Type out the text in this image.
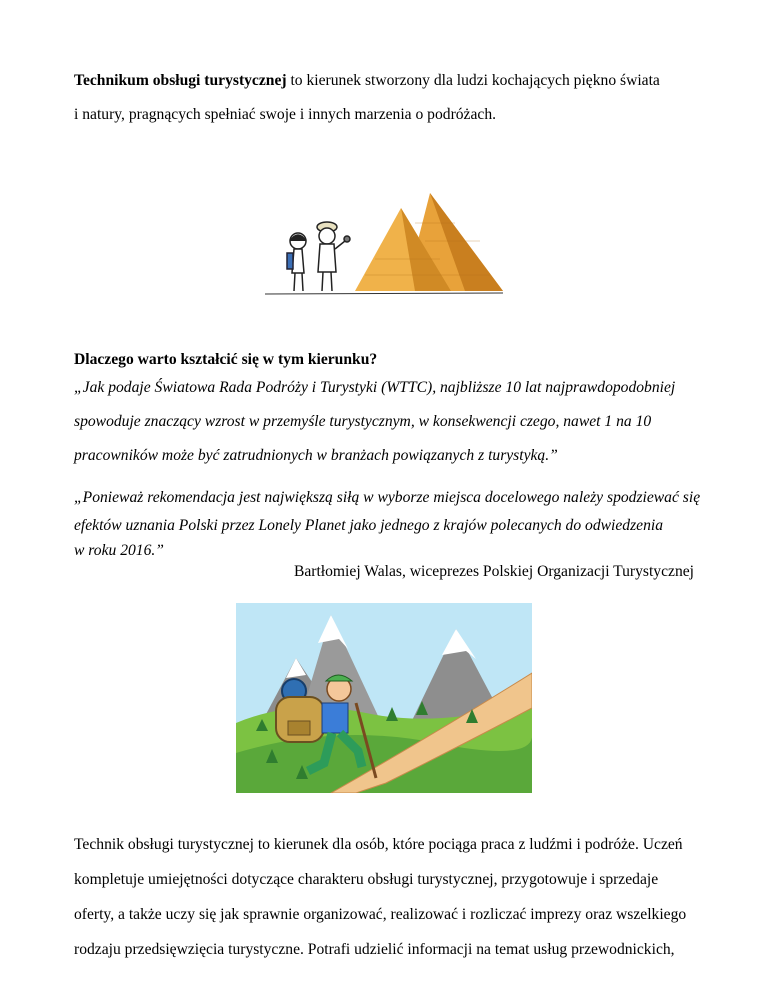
Technikum obsługi turystycznej to kierunek stworzony dla ludzi kochających piękno świata

i natury, pragnących spełniać swoje i innych marzenia o podróżach.

Dlaczego warto kształcić się w tym kierunku?

„Jak podaje Światowa Rada Podróży i Turystyki (WTTC), najbliższe 10 lat najprawdopodobniej

spowoduje znaczący wzrost w przemyśle turystycznym, w konsekwencji czego, nawet 1 na 10

pracowników może być zatrudnionych w branżach powiązanych z turystyką.”

„Ponieważ rekomendacja jest największą siłą w wyborze miejsca docelowego należy spodziewać się

efektów uznania Polski przez Lonely Planet jako jednego z krajów polecanych do odwiedzenia

w roku 2016.”

Bartłomiej Walas, wiceprezes Polskiej Organizacji Turystycznej

Technik obsługi turystycznej to kierunek dla osób, które pociąga praca z ludźmi i podróże. Uczeń

kompletuje umiejętności dotyczące charakteru obsługi turystycznej, przygotowuje i sprzedaje

oferty, a także uczy się jak sprawnie organizować, realizować i rozliczać imprezy oraz wszelkiego

rodzaju przedsięwzięcia turystyczne. Potrafi udzielić informacji na temat usług przewodnickich,
